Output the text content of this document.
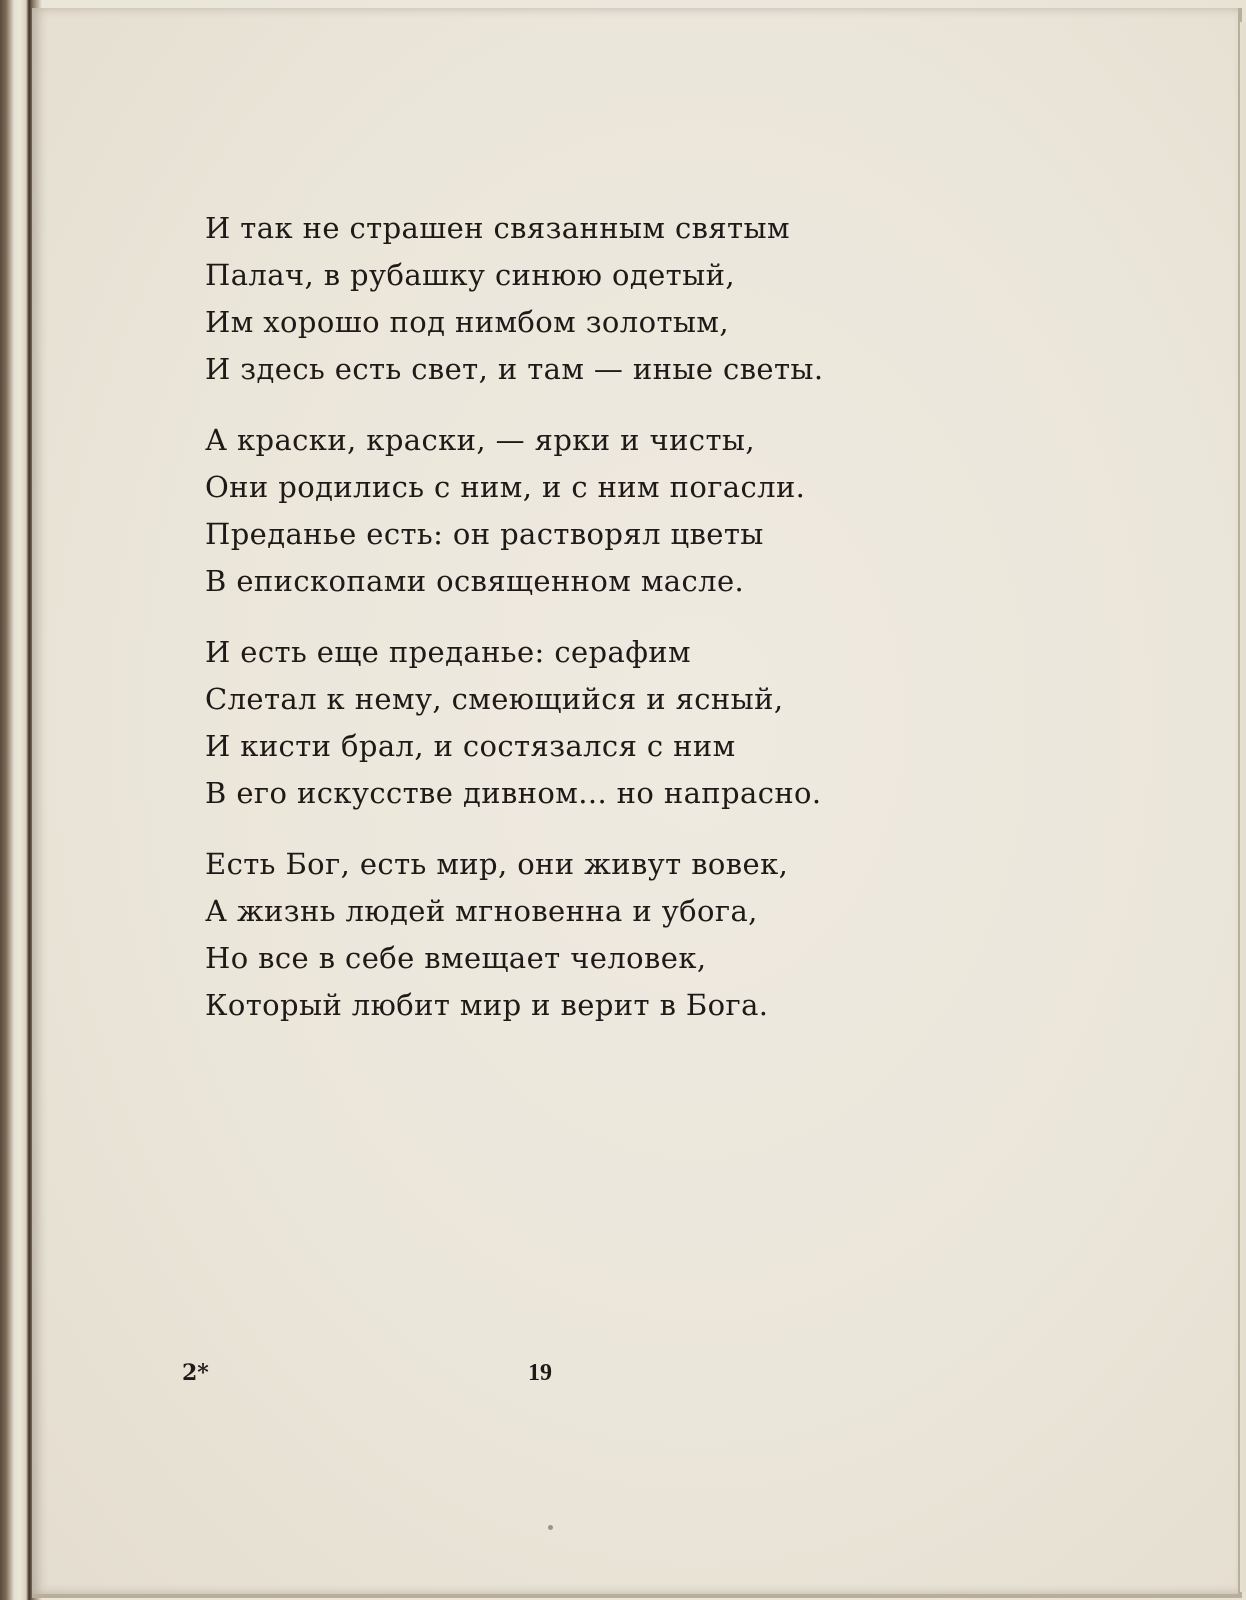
И так не страшен связанным святым
Палач, в рубашку синюю одетый,
Им хорошо под нимбом золотым,
И здесь есть свет, и там — иные светы.
А краски, краски, — ярки и чисты,
Они родились с ним, и с ним погасли.
Преданье есть: он растворял цветы
В епископами освященном масле.
И есть еще преданье: серафим
Слетал к нему, смеющийся и ясный,
И кисти брал, и состязался с ним
В его искусстве дивном... но напрасно.
Есть Бог, есть мир, они живут вовек,
А жизнь людей мгновенна и убога,
Но все в себе вмещает человек,
Который любит мир и верит в Бога.
2*	19
